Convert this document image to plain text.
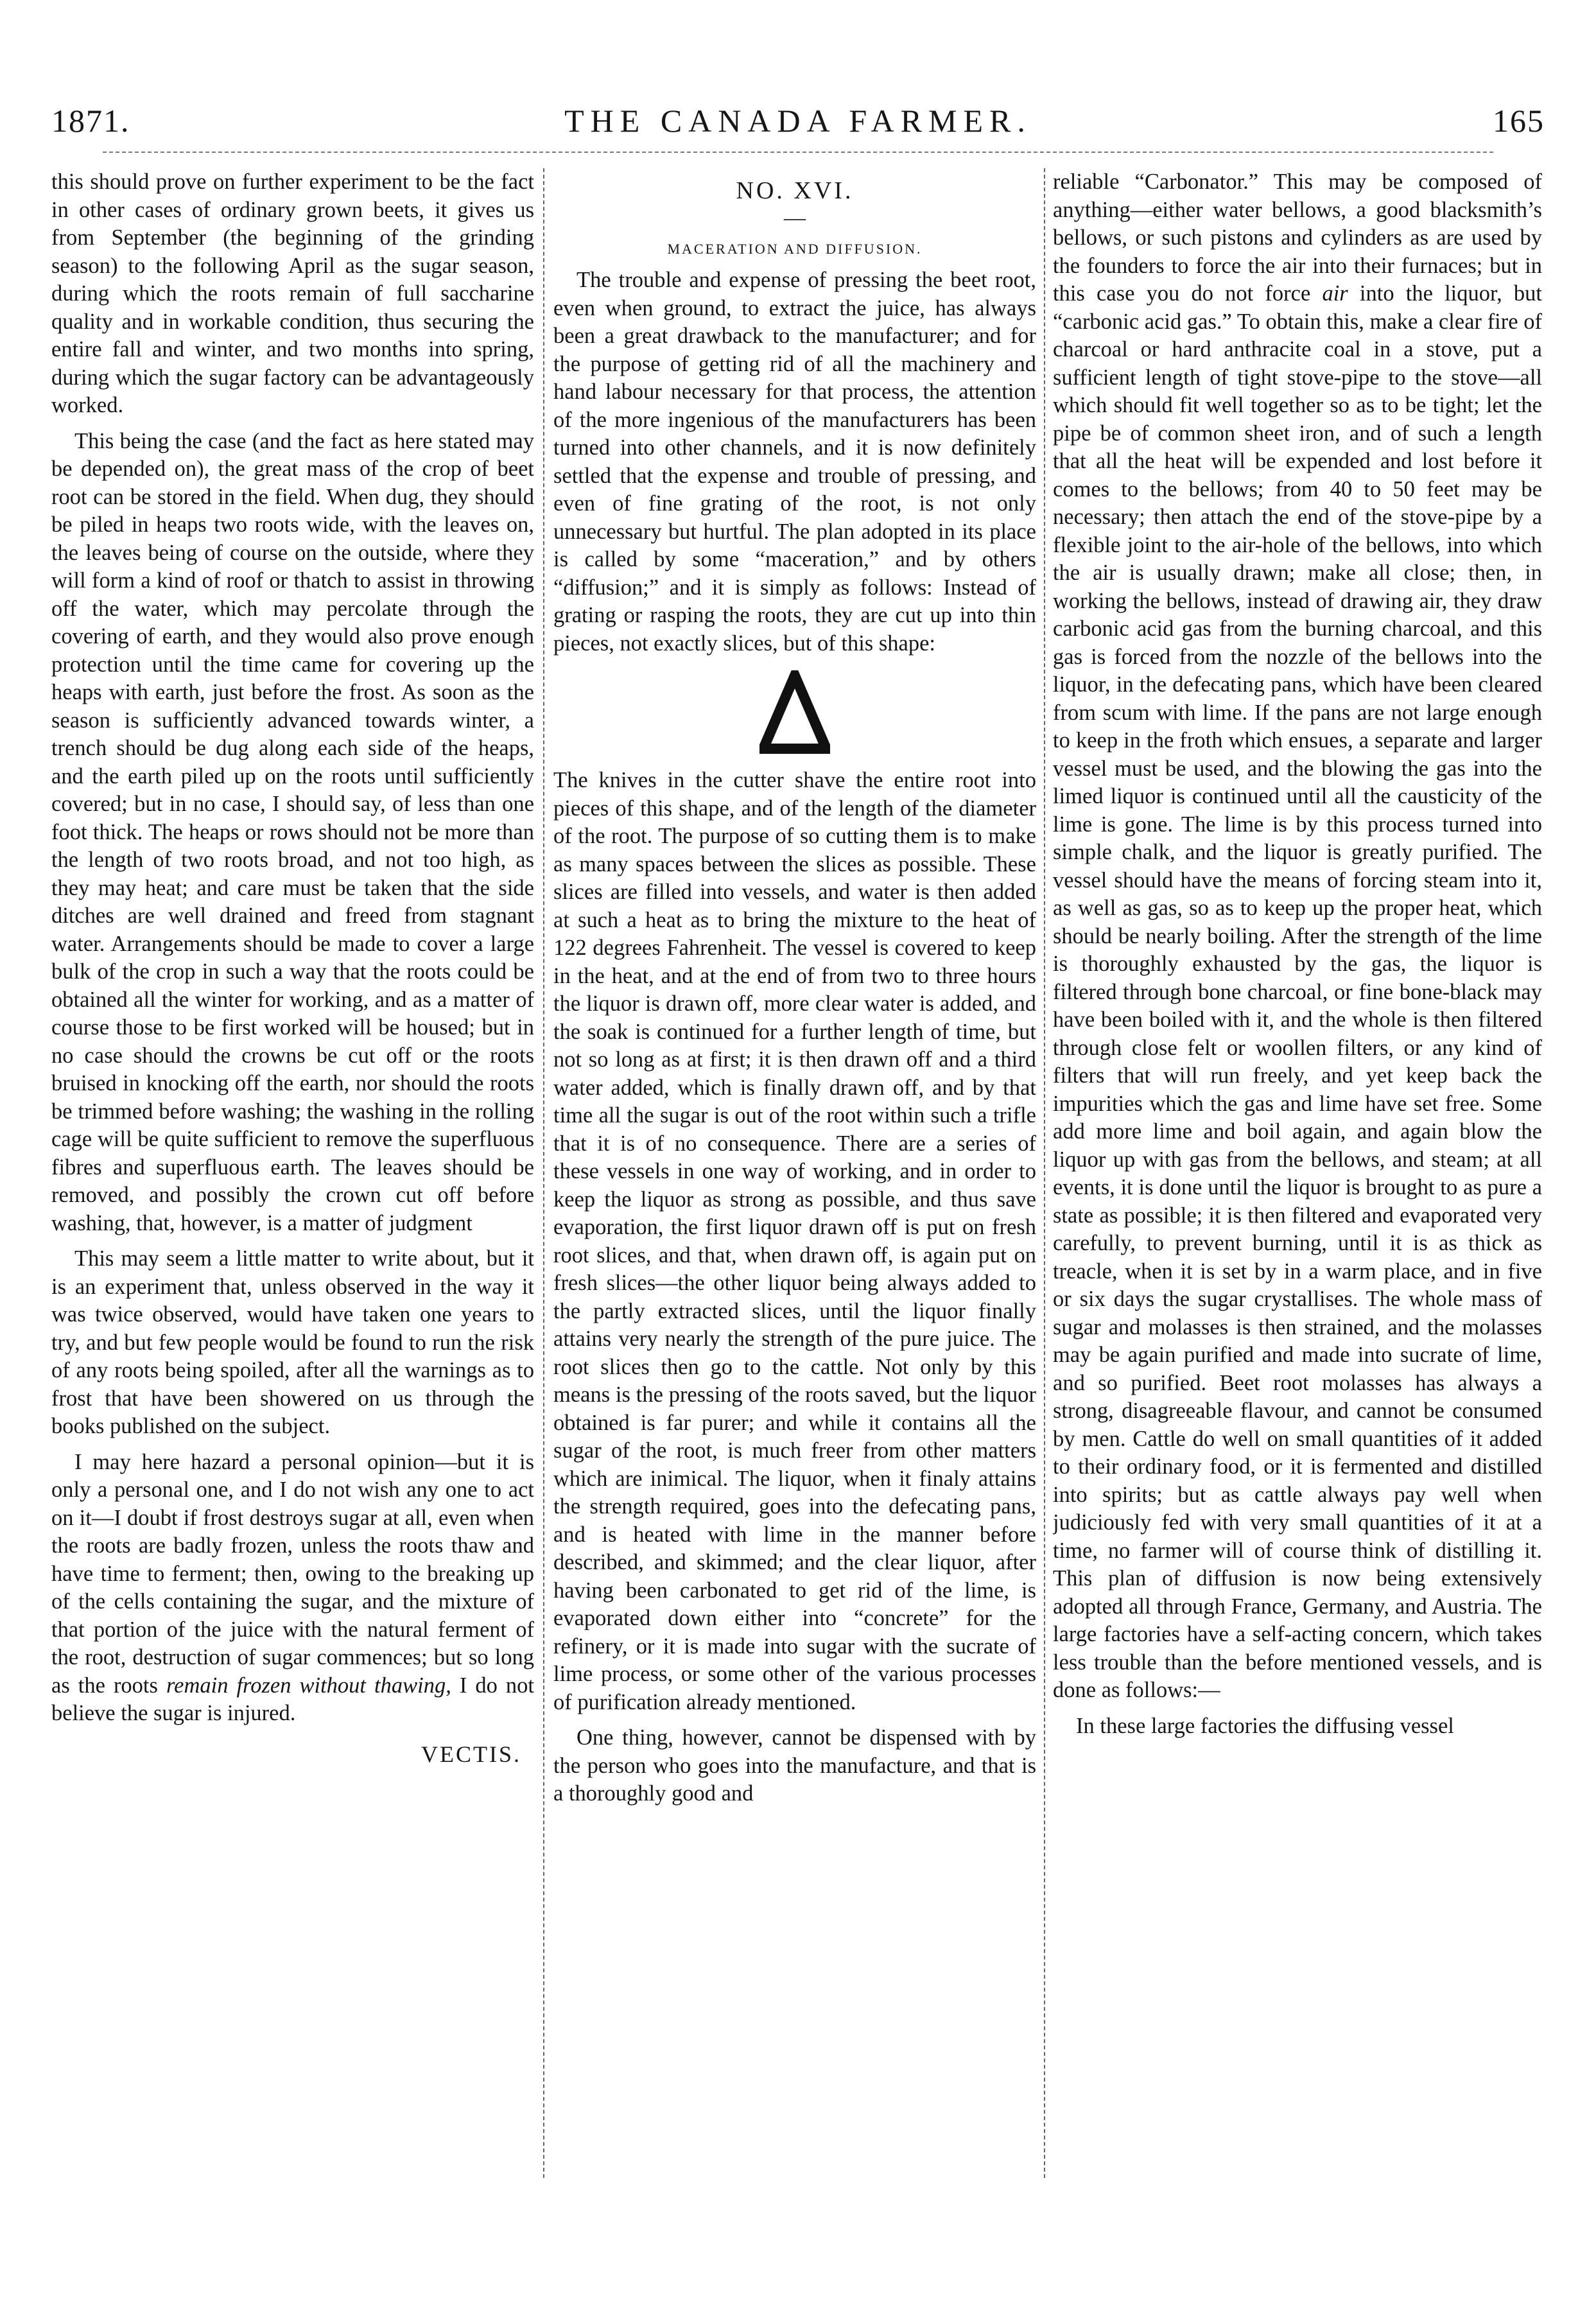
1871.	THE CANADA FARMER.	165

this should prove on further experiment to be the fact in other cases of ordinary grown beets, it gives us from September (the beginning of the grinding season) to the following April as the sugar season, during which the roots remain of full saccharine quality and in workable condition, thus securing the entire fall and winter, and two months into spring, during which the sugar factory can be advantageously worked.

This being the case (and the fact as here stated may be depended on), the great mass of the crop of beet root can be stored in the field. When dug, they should be piled in heaps two roots wide, with the leaves on, the leaves being of course on the outside, where they will form a kind of roof or thatch to assist in throwing off the water, which may percolate through the covering of earth, and they would also prove enough protection until the time came for covering up the heaps with earth, just before the frost. As soon as the season is sufficiently advanced towards winter, a trench should be dug along each side of the heaps, and the earth piled up on the roots until sufficiently covered; but in no case, I should say, of less than one foot thick. The heaps or rows should not be more than the length of two roots broad, and not too high, as they may heat; and care must be taken that the side ditches are well drained and freed from stagnant water. Arrangements should be made to cover a large bulk of the crop in such a way that the roots could be obtained all the winter for working, and as a matter of course those to be first worked will be housed; but in no case should the crowns be cut off or the roots bruised in knocking off the earth, nor should the roots be trimmed before washing; the washing in the rolling cage will be quite sufficient to remove the superfluous fibres and superfluous earth. The leaves should be removed, and possibly the crown cut off before washing, that, however, is a matter of judgment

This may seem a little matter to write about, but it is an experiment that, unless observed in the way it was twice observed, would have taken one years to try, and but few people would be found to run the risk of any roots being spoiled, after all the warnings as to frost that have been showered on us through the books published on the subject.

I may here hazard a personal opinion—but it is only a personal one, and I do not wish any one to act on it—I doubt if frost destroys sugar at all, even when the roots are badly frozen, unless the roots thaw and have time to ferment; then, owing to the breaking up of the cells containing the sugar, and the mixture of that portion of the juice with the natural ferment of the root, destruction of sugar commences; but so long as the roots remain frozen without thawing, I do not believe the sugar is injured.

VECTIS.
NO. XVI.
—
MACERATION AND DIFFUSION.

The trouble and expense of pressing the beet root, even when ground, to extract the juice, has always been a great drawback to the manufacturer; and for the purpose of getting rid of all the machinery and hand labour necessary for that process, the attention of the more ingenious of the manufacturers has been turned into other channels, and it is now definitely settled that the expense and trouble of pressing, and even of fine grating of the root, is not only unnecessary but hurtful. The plan adopted in its place is called by some “maceration,” and by others “diffusion;” and it is simply as follows: Instead of grating or rasping the roots, they are cut up into thin pieces, not exactly slices, but of this shape:

The knives in the cutter shave the entire root into pieces of this shape, and of the length of the diameter of the root. The purpose of so cutting them is to make as many spaces between the slices as possible. These slices are filled into vessels, and water is then added at such a heat as to bring the mixture to the heat of 122 degrees Fahrenheit. The vessel is covered to keep in the heat, and at the end of from two to three hours the liquor is drawn off, more clear water is added, and the soak is continued for a further length of time, but not so long as at first; it is then drawn off and a third water added, which is finally drawn off, and by that time all the sugar is out of the root within such a trifle that it is of no consequence. There are a series of these vessels in one way of working, and in order to keep the liquor as strong as possible, and thus save evaporation, the first liquor drawn off is put on fresh root slices, and that, when drawn off, is again put on fresh slices—the other liquor being always added to the partly extracted slices, until the liquor finally attains very nearly the strength of the pure juice. The root slices then go to the cattle. Not only by this means is the pressing of the roots saved, but the liquor obtained is far purer; and while it contains all the sugar of the root, is much freer from other matters which are inimical. The liquor, when it finaly attains the strength required, goes into the defecating pans, and is heated with lime in the manner before described, and skimmed; and the clear liquor, after having been carbonated to get rid of the lime, is evaporated down either into “concrete” for the refinery, or it is made into sugar with the sucrate of lime process, or some other of the various processes of purification already mentioned.

One thing, however, cannot be dispensed with by the person who goes into the manufacture, and that is a thoroughly good and

reliable “Carbonator.” This may be composed of anything—either water bellows, a good blacksmith’s bellows, or such pistons and cylinders as are used by the founders to force the air into their furnaces; but in this case you do not force air into the liquor, but “carbonic acid gas.” To obtain this, make a clear fire of charcoal or hard anthracite coal in a stove, put a sufficient length of tight stove-pipe to the stove—all which should fit well together so as to be tight; let the pipe be of common sheet iron, and of such a length that all the heat will be expended and lost before it comes to the bellows; from 40 to 50 feet may be necessary; then attach the end of the stove-pipe by a flexible joint to the air-hole of the bellows, into which the air is usually drawn; make all close; then, in working the bellows, instead of drawing air, they draw carbonic acid gas from the burning charcoal, and this gas is forced from the nozzle of the bellows into the liquor, in the defecating pans, which have been cleared from scum with lime. If the pans are not large enough to keep in the froth which ensues, a separate and larger vessel must be used, and the blowing the gas into the limed liquor is continued until all the causticity of the lime is gone. The lime is by this process turned into simple chalk, and the liquor is greatly purified. The vessel should have the means of forcing steam into it, as well as gas, so as to keep up the proper heat, which should be nearly boiling. After the strength of the lime is thoroughly exhausted by the gas, the liquor is filtered through bone charcoal, or fine bone-black may have been boiled with it, and the whole is then filtered through close felt or woollen filters, or any kind of filters that will run freely, and yet keep back the impurities which the gas and lime have set free. Some add more lime and boil again, and again blow the liquor up with gas from the bellows, and steam; at all events, it is done until the liquor is brought to as pure a state as possible; it is then filtered and evaporated very carefully, to prevent burning, until it is as thick as treacle, when it is set by in a warm place, and in five or six days the sugar crystallises. The whole mass of sugar and molasses is then strained, and the molasses may be again purified and made into sucrate of lime, and so purified. Beet root molasses has always a strong, disagreeable flavour, and cannot be consumed by men. Cattle do well on small quantities of it added to their ordinary food, or it is fermented and distilled into spirits; but as cattle always pay well when judiciously fed with very small quantities of it at a time, no farmer will of course think of distilling it. This plan of diffusion is now being extensively adopted all through France, Germany, and Austria. The large factories have a self-acting concern, which takes less trouble than the before mentioned vessels, and is done as follows:—

In these large factories the diffusing vessel
